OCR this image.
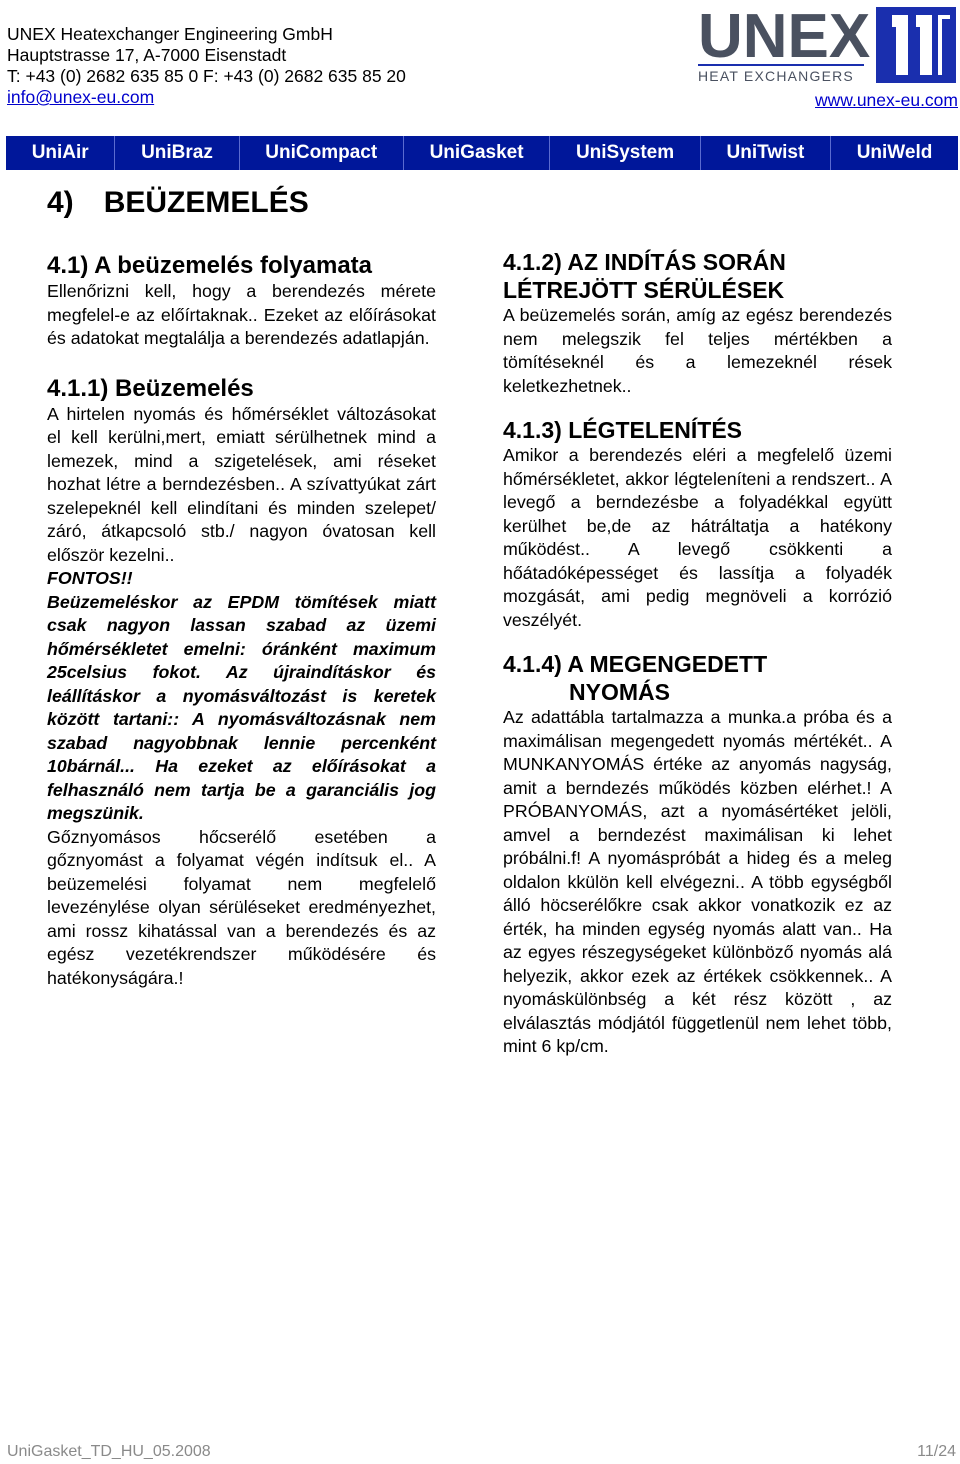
UNEX Heatexchanger Engineering GmbH
Hauptstrasse 17, A-7000 Eisenstadt
T: +43 (0) 2682 635 85 0 F: +43 (0) 2682 635 85 20
info@unex-eu.com
UNEX
HEAT EXCHANGERS
www.unex-eu.com
UniAir	UniBraz	UniCompact	UniGasket	UniSystem	UniTwist	UniWeld
4) BEÜZEMELÉS
4.1) A beüzemelés folyamata

Ellenőrizni kell, hogy a berendezés mérete megfelel-e az előírtaknak.. Ezeket az előírásokat és adatokat megtalálja a berendezés adatlapján.

4.1.1) Beüzemelés

A hirtelen nyomás és hőmérséklet változásokat el kell kerülni,mert, emiatt sérülhetnek mind a lemezek, mind a szigetelések, ami réseket hozhat létre a berndezésben.. A szívattyúkat zárt szelepeknél kell elindítani és minden szelepet/ záró, átkapcsoló stb./ nagyon óvatosan kell először kezelni..

FONTOS!!

Beüzemeléskor az EPDM tömítések miatt csak nagyon lassan szabad az üzemi hőmérsékletet emelni: óránként maximum 25celsius fokot. Az újraindításkor és leállításkor a nyomásváltozást is keretek között tartani:: A nyomásváltozásnak nem szabad nagyobbnak lennie percenként 10bárnál... Ha ezeket az előírásokat a felhasználó nem tartja be a garanciális jog megszünik.

Gőznyomásos hőcserélő esetében a gőznyomást a folyamat végén indítsuk el.. A beüzemelési folyamat nem megfelelő levezénylése olyan sérüléseket eredményezhet, ami rossz kihatással van a berendezés és az egész vezetékrendszer működésére és hatékonyságára.!

4.1.2) AZ INDÍTÁS SORÁN LÉTREJÖTT SÉRÜLÉSEK

A beüzemelés során, amíg az egész berendezés nem melegszik fel teljes mértékben a tömítéseknél és a lemezeknél rések keletkezhetnek..

4.1.3) LÉGTELENÍTÉS

Amikor a berendezés eléri a megfelelő üzemi hőmérsékletet, akkor légteleníteni a rendszert.. A levegő a berndezésbe a folyadékkal együtt kerülhet be,de az hátráltatja a hatékony működést.. A levegő csökkenti a hőátadóképességet és lassítja a folyadék mozgását, ami pedig megnöveli a korrózió veszélyét.

4.1.4) A MEGENGEDETT
NYOMÁS

Az adattábla tartalmazza a munka.a próba és a maximálisan megengedett nyomás mértékét.. A MUNKANYOMÁS értéke az anyomás nagyság, amit a berndezés működés közben elérhet.! A PRÓBANYOMÁS, azt a nyomásértéket jelöli, amvel a berndezést maximálisan ki lehet próbálni.f! A nyomáspróbát a hideg és a meleg oldalon kkülön kell elvégezni.. A több egységből álló höcserélőkre csak akkor vonatkozik ez az érték, ha minden egység nyomás alatt van.. Ha az egyes részegységeket különböző nyomás alá helyezik, akkor ezek az értékek csökkennek.. A nyomáskülönbség a két rész között , az elválasztás módjától függetlenül nem lehet több, mint 6 kp/cm.

UniGasket_TD_HU_05.2008	11/24
